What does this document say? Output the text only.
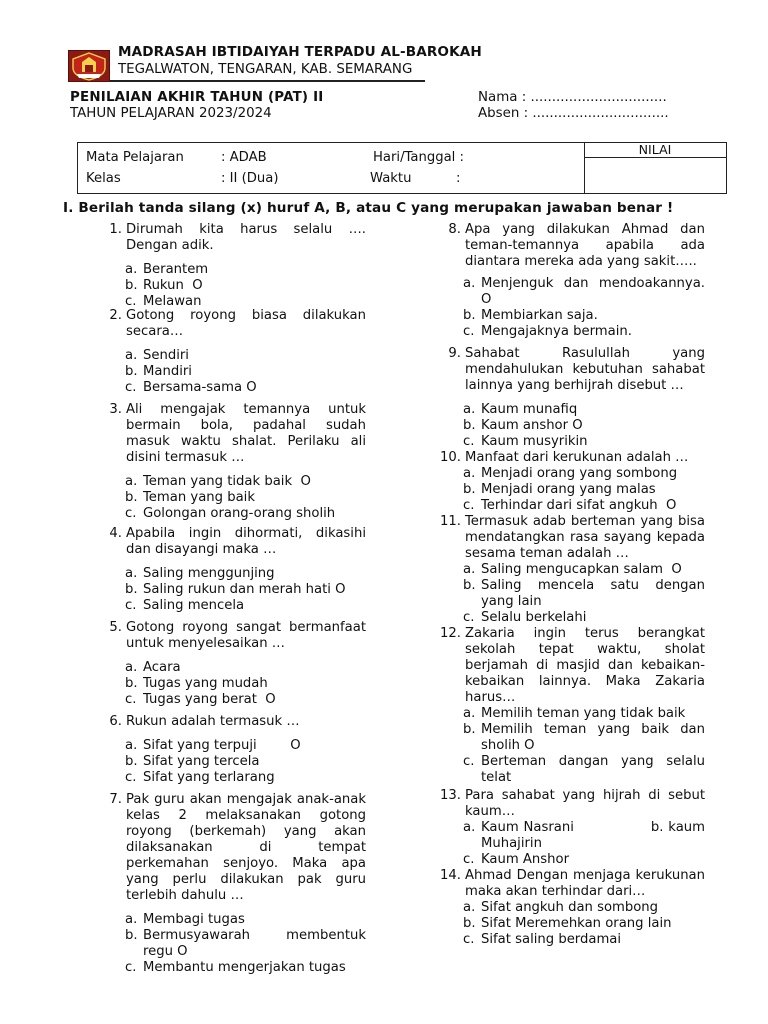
MADRASAH IBTIDAIYAH TERPADU AL-BAROKAH
TEGALWATON, TENGARAN, KAB. SEMARANG
PENILAIAN AKHIR TAHUN (PAT) II
TAHUN PELAJARAN 2023/2024
Nama : ................................
Absen : ................................
NILAI
Mata Pelajaran	: ADAB	Hari/Tanggal :
Kelas	: II (Dua)	Waktu	:
I. Berilah tanda silang (x) huruf A, B, atau C yang merupakan jawaban benar !
1. Dirumah kita harus selalu …. Dengan adik.
a. Berantem
b. Rukun  O
c. Melawan
2. Gotong royong biasa dilakukan secara…
a. Sendiri
b. Mandiri
c. Bersama-sama O
3. Ali mengajak temannya untuk bermain bola, padahal sudah masuk waktu shalat. Perilaku ali disini termasuk …
a. Teman yang tidak baik  O
b. Teman yang baik
c. Golongan orang-orang sholih
4. Apabila ingin dihormati, dikasihi dan disayangi maka …
a. Saling menggunjing
b. Saling rukun dan merah hati O
c. Saling mencela
5. Gotong royong sangat bermanfaat untuk menyelesaikan …
a. Acara
b. Tugas yang mudah
c. Tugas yang berat  O
6. Rukun adalah termasuk …
a. Sifat yang terpuji        O
b. Sifat yang tercela
c. Sifat yang terlarang
7. Pak guru akan mengajak anak-anak kelas 2 melaksanakan gotong royong (berkemah) yang akan dilaksanakan di tempat perkemahan senjoyo. Maka apa yang perlu dilakukan pak guru terlebih dahulu …
a. Membagi tugas
b. Bermusyawarah membentuk regu O
c. Membantu mengerjakan tugas
8. Apa yang dilakukan Ahmad dan teman-temannya apabila ada diantara mereka ada yang sakit…..
a. Menjenguk dan mendoakannya. O
b. Membiarkan saja.
c. Mengajaknya bermain.
9. Sahabat Rasulullah yang mendahulukan kebutuhan sahabat lainnya yang berhijrah disebut …
a. Kaum munafiq
b. Kaum anshor O
c. Kaum musyrikin
10. Manfaat dari kerukunan adalah …
a. Menjadi orang yang sombong
b. Menjadi orang yang malas
c. Terhindar dari sifat angkuh  O
11. Termasuk adab berteman yang bisa mendatangkan rasa sayang kepada sesama teman adalah …
a. Saling mengucapkan salam  O
b. Saling mencela satu dengan yang lain
c. Selalu berkelahi
12. Zakaria ingin terus berangkat sekolah tepat waktu, sholat berjamah di masjid dan kebaikan-kebaikan lainnya. Maka Zakaria harus…
a. Memilih teman yang tidak baik
b. Memilih teman yang baik dan sholih O
c. Berteman dangan yang selalu telat
13. Para sahabat yang hijrah di sebut kaum…
a. Kaum Nasrani                b. kaum Muhajirin
c. Kaum Anshor
14. Ahmad Dengan menjaga kerukunan maka akan terhindar dari…
a. Sifat angkuh dan sombong
b. Sifat Meremehkan orang lain
c. Sifat saling berdamai
